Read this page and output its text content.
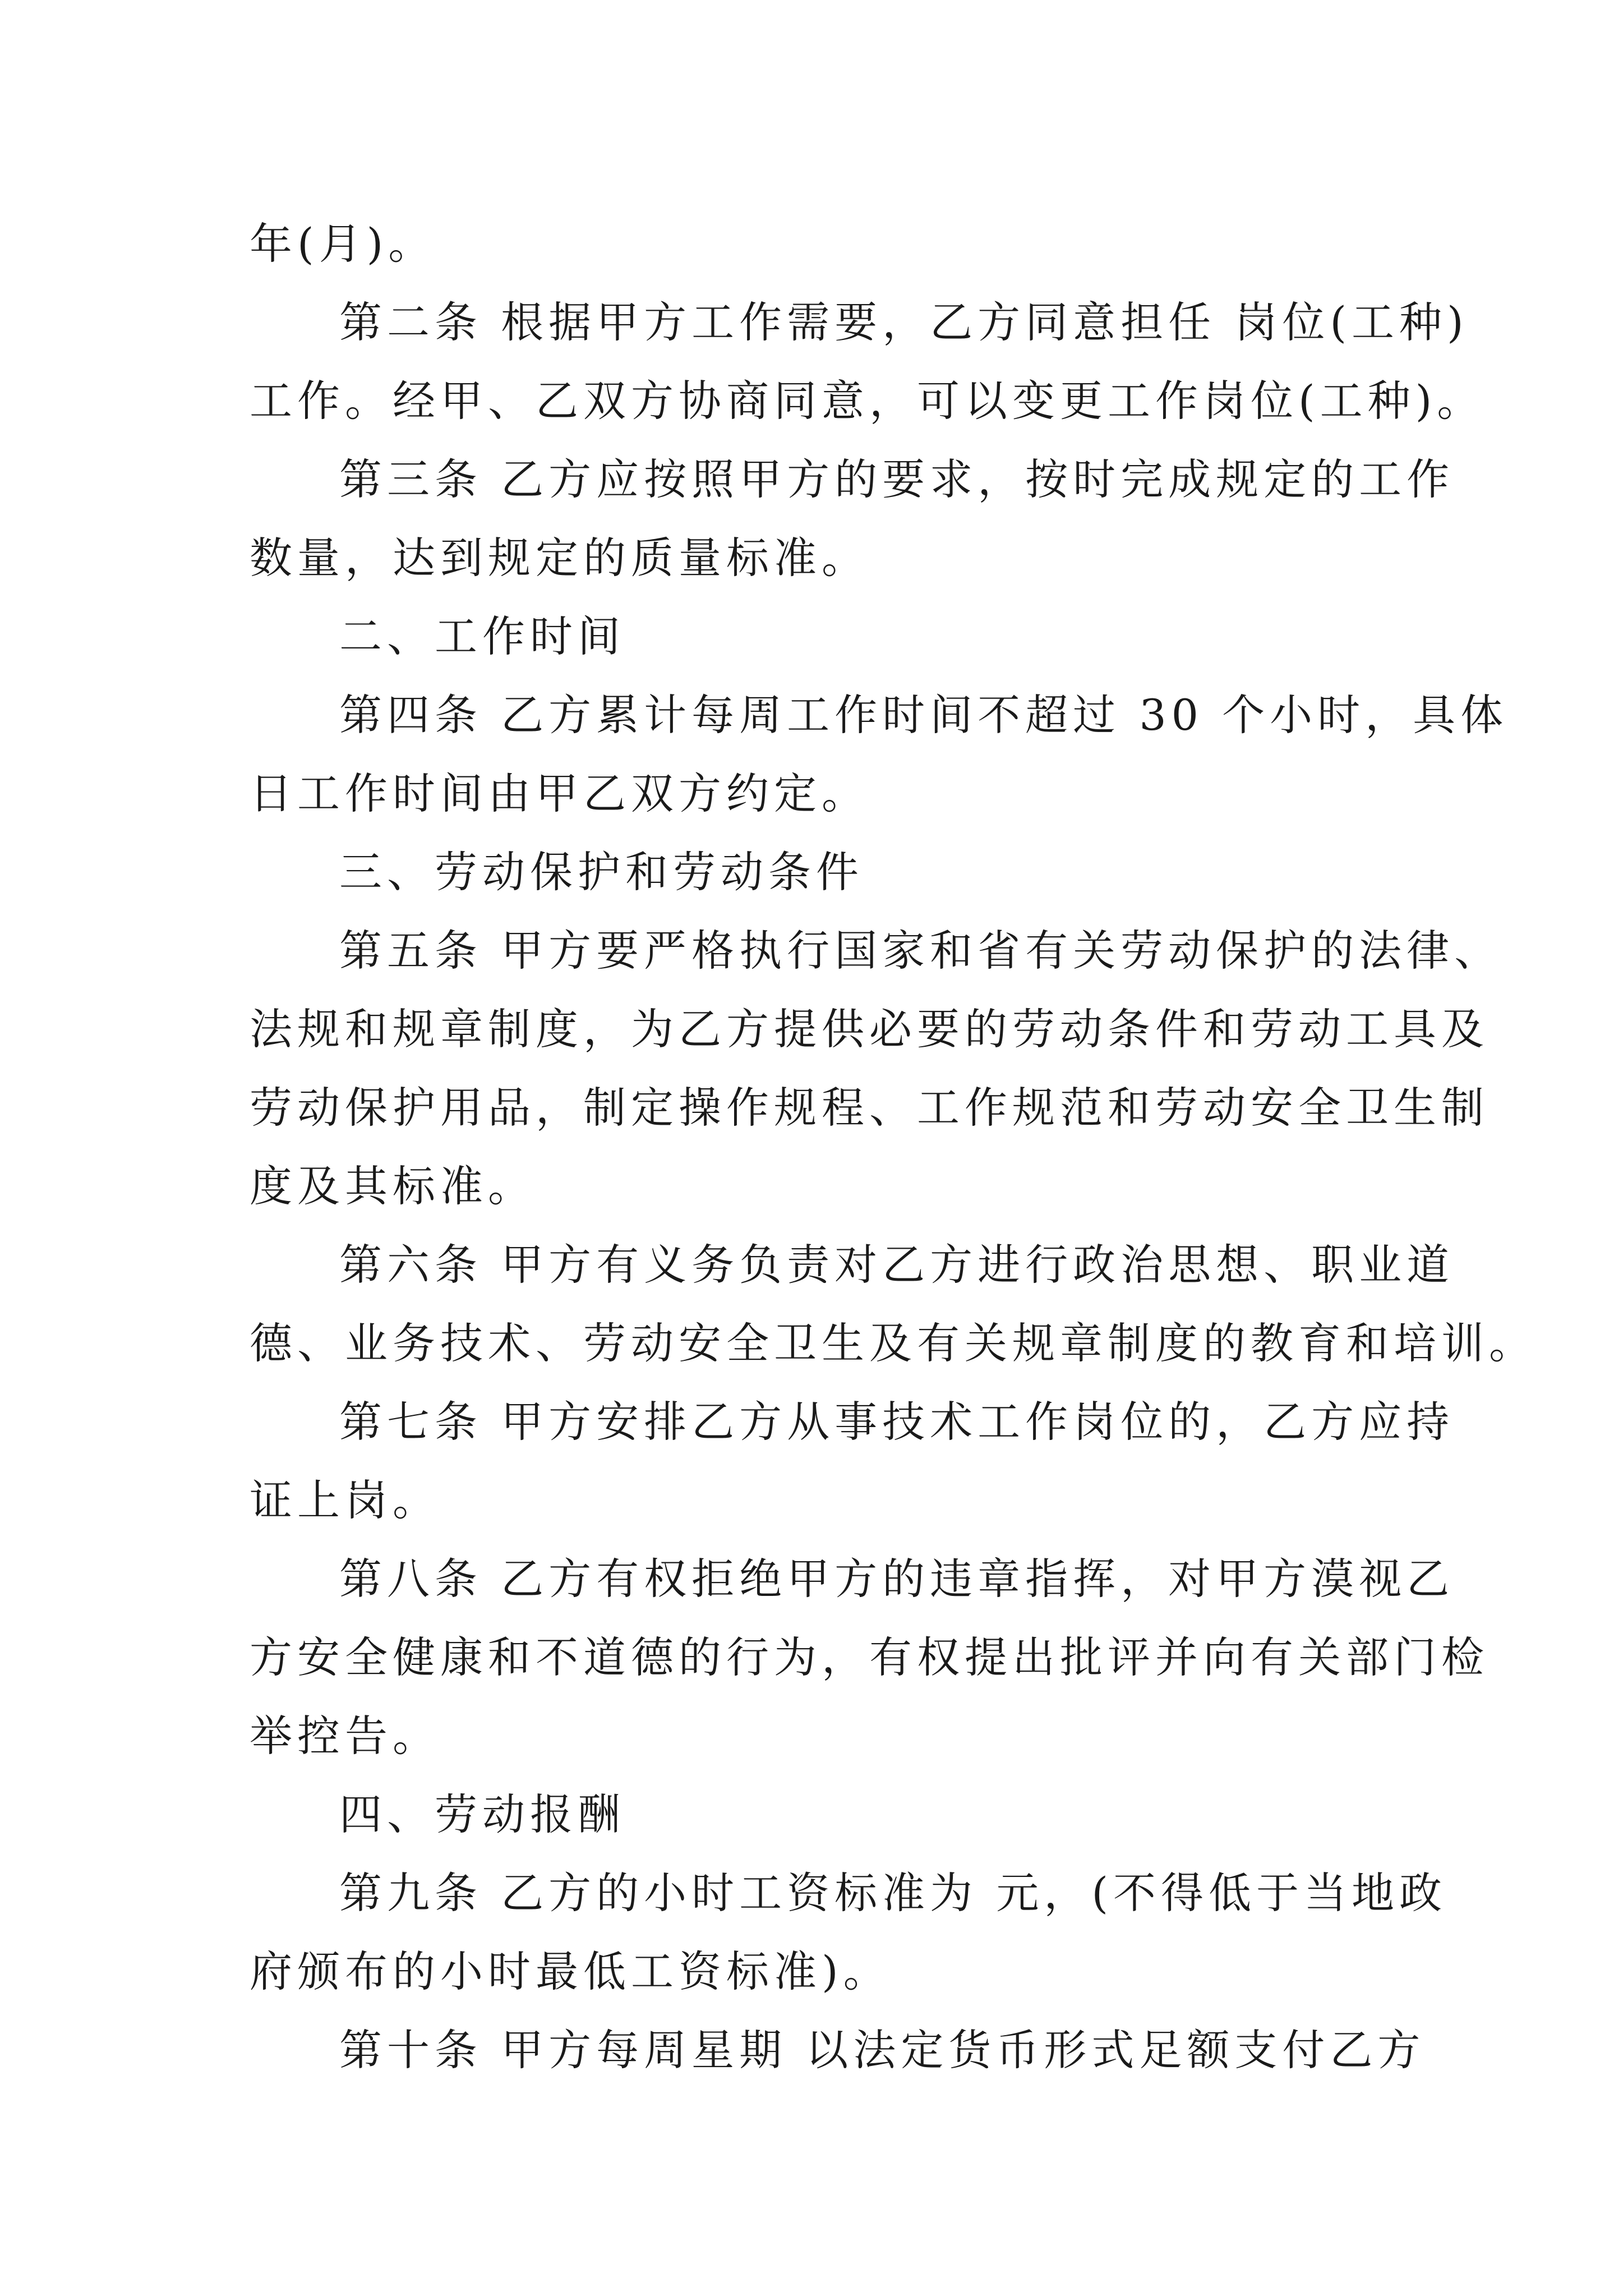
年(月)。
第二条 根据甲方工作需要，乙方同意担任 岗位(工种)
工作。经甲、乙双方协商同意，可以变更工作岗位(工种)。
第三条 乙方应按照甲方的要求，按时完成规定的工作
数量，达到规定的质量标准。
二、工作时间
第四条 乙方累计每周工作时间不超过 30 个小时，具体
日工作时间由甲乙双方约定。
三、劳动保护和劳动条件
第五条 甲方要严格执行国家和省有关劳动保护的法律、
法规和规章制度，为乙方提供必要的劳动条件和劳动工具及
劳动保护用品，制定操作规程、工作规范和劳动安全卫生制
度及其标准。
第六条 甲方有义务负责对乙方进行政治思想、职业道
德、业务技术、劳动安全卫生及有关规章制度的教育和培训。
第七条 甲方安排乙方从事技术工作岗位的，乙方应持
证上岗。
第八条 乙方有权拒绝甲方的违章指挥，对甲方漠视乙
方安全健康和不道德的行为，有权提出批评并向有关部门检
举控告。
四、劳动报酬
第九条 乙方的小时工资标准为 元，(不得低于当地政
府颁布的小时最低工资标准)。
第十条 甲方每周星期 以法定货币形式足额支付乙方
